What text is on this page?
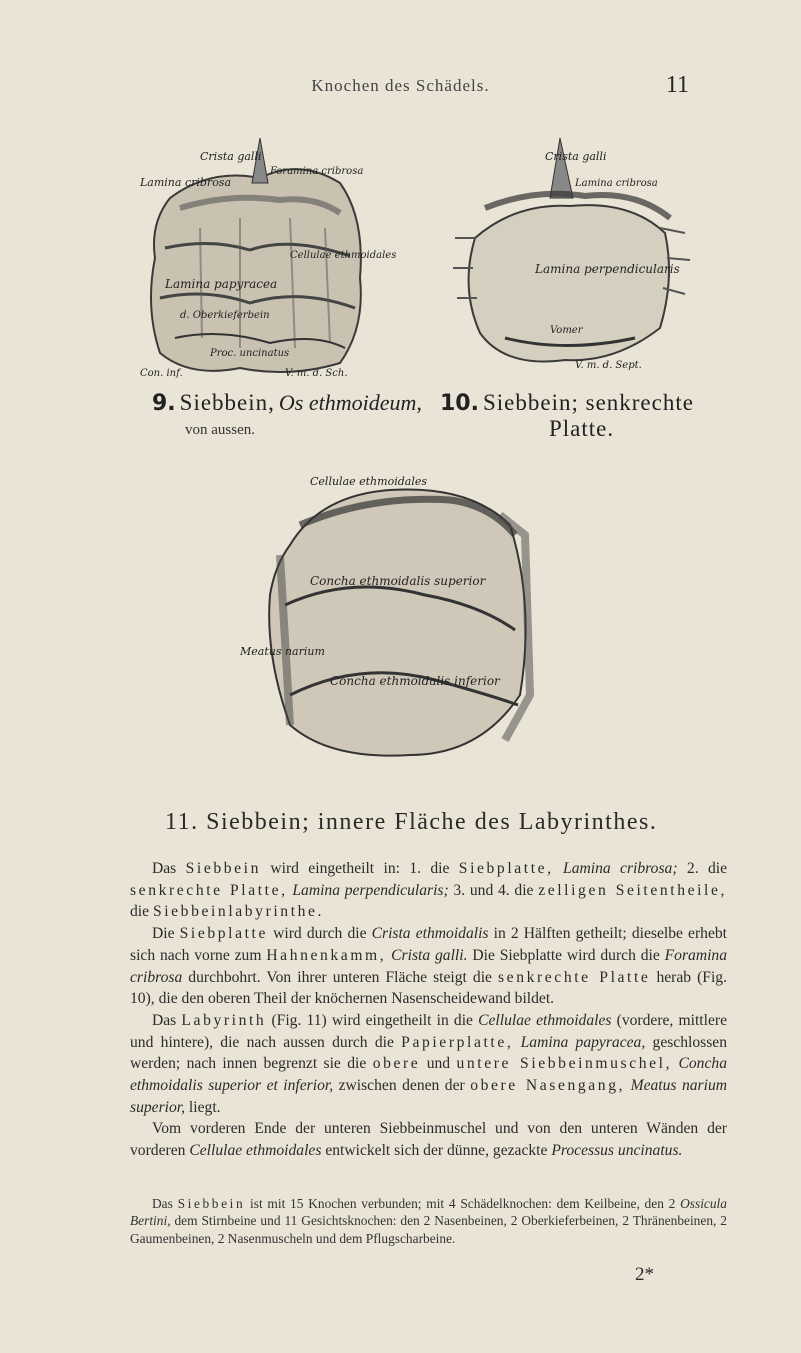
Knochen des Schädels.	11
Crista galli
Lamina cribrosa
Foramina cribrosa
Cellulae ethmoidales
Lamina papyracea
d. Oberkieferbein
Proc. uncinatus
Con. inf.	V. m. d. Sch.
Crista galli
Lamina cribrosa
Lamina perpendicularis
Vomer
V. m. d. Sept.
9. Siebbein, Os ethmoideum,
von aussen.
10. Siebbein; senkrechte
Platte.
Cellulae ethmoidales
Concha ethmoidalis superior
Concha ethmoidalis inferior
Meatus narium
11. Siebbein; innere Fläche des Labyrinthes.

Das Siebbein wird eingetheilt in: 1. die Siebplatte, Lamina cribrosa; 2. die senkrechte Platte, Lamina perpendicularis; 3. und 4. die zelligen Seitentheile, die Siebbeinlabyrinthe.

Die Siebplatte wird durch die Crista ethmoidalis in 2 Hälften getheilt; dieselbe erhebt sich nach vorne zum Hahnenkamm, Crista galli. Die Siebplatte wird durch die Foramina cribrosa durchbohrt. Von ihrer unteren Fläche steigt die senkrechte Platte herab (Fig. 10), die den oberen Theil der knöchernen Nasenscheidewand bildet.

Das Labyrinth (Fig. 11) wird eingetheilt in die Cellulae ethmoidales (vordere, mittlere und hintere), die nach aussen durch die Papierplatte, Lamina papyracea, geschlossen werden; nach innen begrenzt sie die obere und untere Siebbeinmuschel, Concha ethmoidalis superior et inferior, zwischen denen der obere Nasengang, Meatus narium superior, liegt.

Vom vorderen Ende der unteren Siebbeinmuschel und von den unteren Wänden der vorderen Cellulae ethmoidales entwickelt sich der dünne, gezackte Processus uncinatus.

Das Siebbein ist mit 15 Knochen verbunden; mit 4 Schädelknochen: dem Keilbeine, den 2 Ossicula Bertini, dem Stirnbeine und 11 Gesichtsknochen: den 2 Nasenbeinen, 2 Oberkieferbeinen, 2 Thränenbeinen, 2 Gaumenbeinen, 2 Nasenmuscheln und dem Pflugscharbeine.

2*
